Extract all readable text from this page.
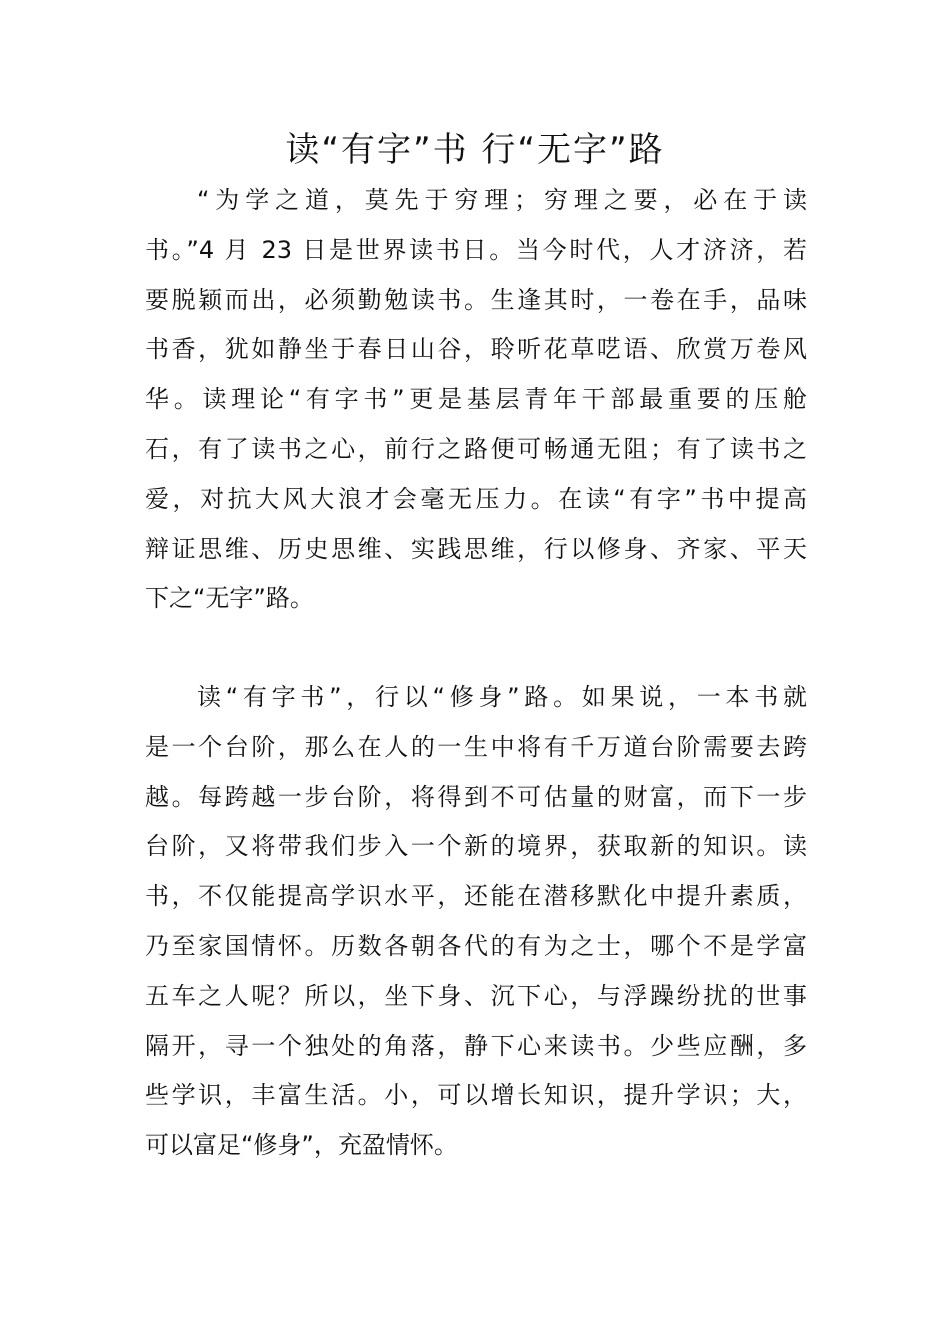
读“有字”书 行“无字”路
“为学之道，莫先于穷理；穷理之要，必在于读
书。”4 月 23 日是世界读书日。当今时代，人才济济，若
要脱颖而出，必须勤勉读书。生逢其时，一卷在手，品味
书香，犹如静坐于春日山谷，聆听花草呓语、欣赏万卷风
华。读理论“有字书”更是基层青年干部最重要的压舱
石，有了读书之心，前行之路便可畅通无阻；有了读书之
爱，对抗大风大浪才会毫无压力。在读“有字”书中提高
辩证思维、历史思维、实践思维，行以修身、齐家、平天
下之“无字”路。
读“有字书”，行以“修身”路。如果说，一本书就
是一个台阶，那么在人的一生中将有千万道台阶需要去跨
越。每跨越一步台阶，将得到不可估量的财富，而下一步
台阶，又将带我们步入一个新的境界，获取新的知识。读
书，不仅能提高学识水平，还能在潜移默化中提升素质，
乃至家国情怀。历数各朝各代的有为之士，哪个不是学富
五车之人呢？所以，坐下身、沉下心，与浮躁纷扰的世事
隔开，寻一个独处的角落，静下心来读书。少些应酬，多
些学识，丰富生活。小，可以增长知识，提升学识；大，
可以富足“修身”，充盈情怀。
